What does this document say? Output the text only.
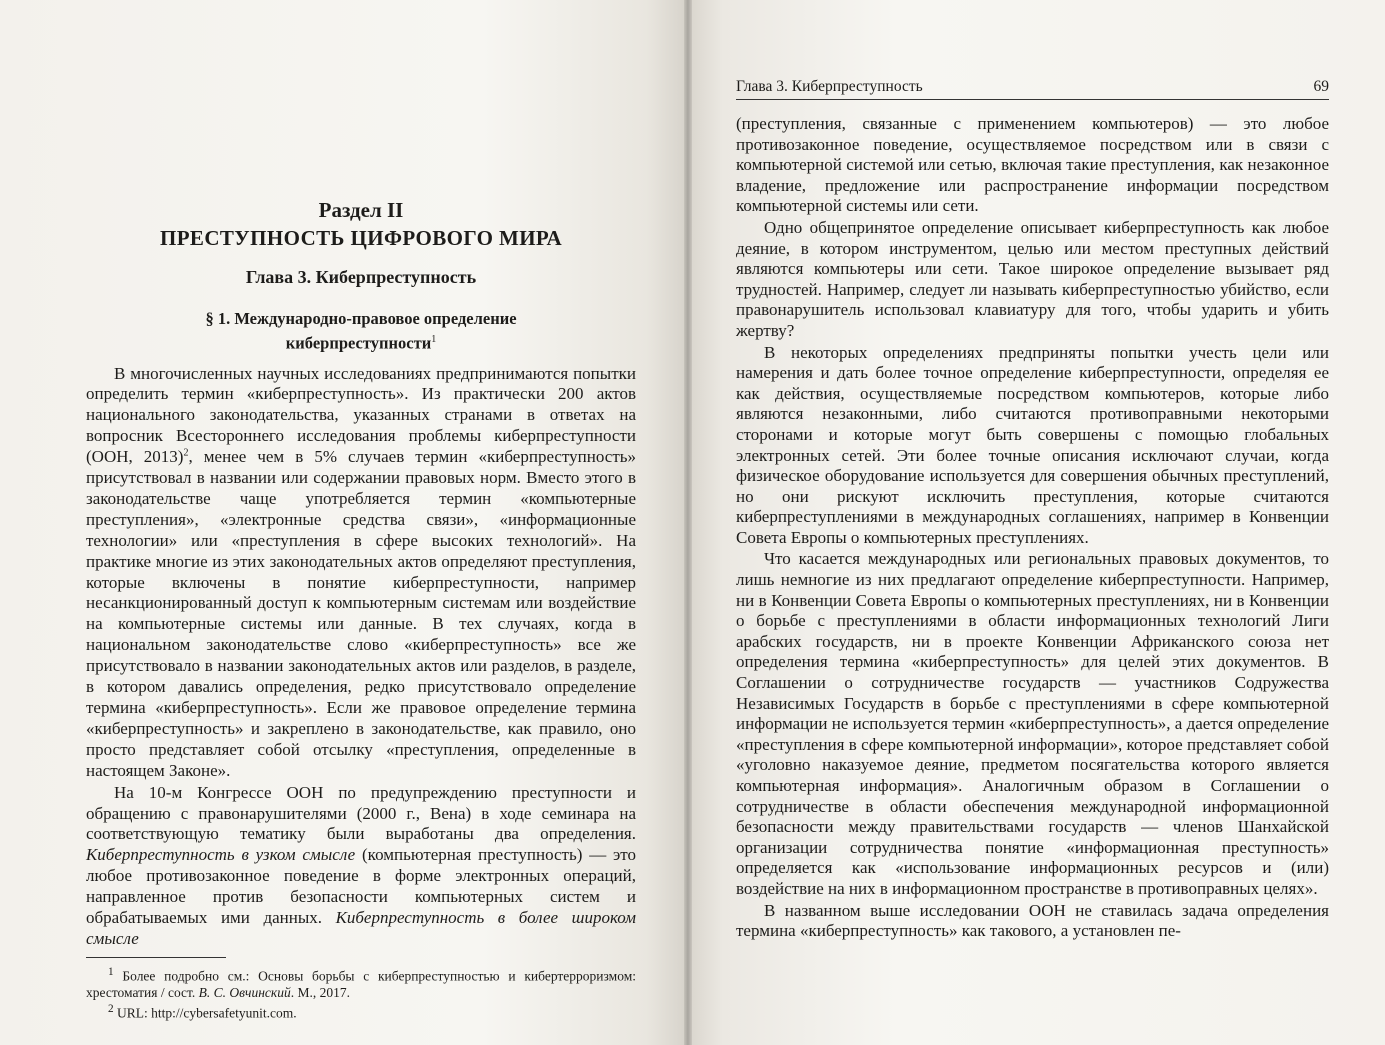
Раздел II

ПРЕСТУПНОСТЬ ЦИФРОВОГО МИРА

Глава 3. Киберпреступность

§ 1. Международно-правовое определение
киберпреступности$^1$

В многочисленных научных исследованиях предпринимаются попытки определить термин «киберпреступность». Из практически 200 актов национального законодательства, указанных странами в ответах на вопросник Всестороннего исследования проблемы киберпреступности (ООН, 2013)$^2$, менее чем в 5% случаев термин «киберпреступность» присутствовал в названии или содержании правовых норм. Вместо этого в законодательстве чаще употребляется термин «компьютерные преступления», «электронные средства связи», «информационные технологии» или «преступления в сфере высоких технологий». На практике многие из этих законодательных актов определяют преступления, которые включены в понятие киберпреступности, например несанкционированный доступ к компьютерным системам или воздействие на компьютерные системы или данные. В тех случаях, когда в национальном законодательстве слово «киберпреступность» все же присутствовало в названии законодательных актов или разделов, в разделе, в котором давались определения, редко присутствовало определение термина «киберпреступность». Если же правовое определение термина «киберпреступность» и закреплено в законодательстве, как правило, оно просто представляет собой отсылку «преступления, определенные в настоящем Законе».

На 10-м Конгрессе ООН по предупреждению преступности и обращению с правонарушителями (2000 г., Вена) в ходе семинара на соответствующую тематику были выработаны два определения. Киберпреступность в узком смысле (компьютерная преступность) — это любое противозаконное поведение в форме электронных операций, направленное против безопасности компьютерных систем и обрабатываемых ими данных. Киберпреступность в более широком смысле

$^1$ Более подробно см.: Основы борьбы с киберпреступностью и кибертерроризмом: хрестоматия / сост. В. С. Овчинский. М., 2017.

$^2$ URL: http://cybersafetyunit.com.

Глава 3. Киберпреступность	69

(преступления, связанные с применением компьютеров) — это любое противозаконное поведение, осуществляемое посредством или в связи с компьютерной системой или сетью, включая такие преступления, как незаконное владение, предложение или распространение информации посредством компьютерной системы или сети.

Одно общепринятое определение описывает киберпреступность как любое деяние, в котором инструментом, целью или местом преступных действий являются компьютеры или сети. Такое широкое определение вызывает ряд трудностей. Например, следует ли называть киберпреступностью убийство, если правонарушитель использовал клавиатуру для того, чтобы ударить и убить жертву?

В некоторых определениях предприняты попытки учесть цели или намерения и дать более точное определение киберпреступности, определяя ее как действия, осуществляемые посредством компьютеров, которые либо являются незаконными, либо считаются противоправными некоторыми сторонами и которые могут быть совершены с помощью глобальных электронных сетей. Эти более точные описания исключают случаи, когда физическое оборудование используется для совершения обычных преступлений, но они рискуют исключить преступления, которые считаются киберпреступлениями в международных соглашениях, например в Конвенции Совета Европы о компьютерных преступлениях.

Что касается международных или региональных правовых документов, то лишь немногие из них предлагают определение киберпреступности. Например, ни в Конвенции Совета Европы о компьютерных преступлениях, ни в Конвенции о борьбе с преступлениями в области информационных технологий Лиги арабских государств, ни в проекте Конвенции Африканского союза нет определения термина «киберпреступность» для целей этих документов. В Соглашении о сотрудничестве государств — участников Содружества Независимых Государств в борьбе с преступлениями в сфере компьютерной информации не используется термин «киберпреступность», а дается определение «преступления в сфере компьютерной информации», которое представляет собой «уголовно наказуемое деяние, предметом посягательства которого является компьютерная информация». Аналогичным образом в Соглашении о сотрудничестве в области обеспечения международной информационной безопасности между правительствами государств — членов Шанхайской организации сотрудничества понятие «информационная преступность» определяется как «использование информационных ресурсов и (или) воздействие на них в информационном пространстве в противоправных целях».

В названном выше исследовании ООН не ставилась задача определения термина «киберпреступность» как такового, а установлен пе-
